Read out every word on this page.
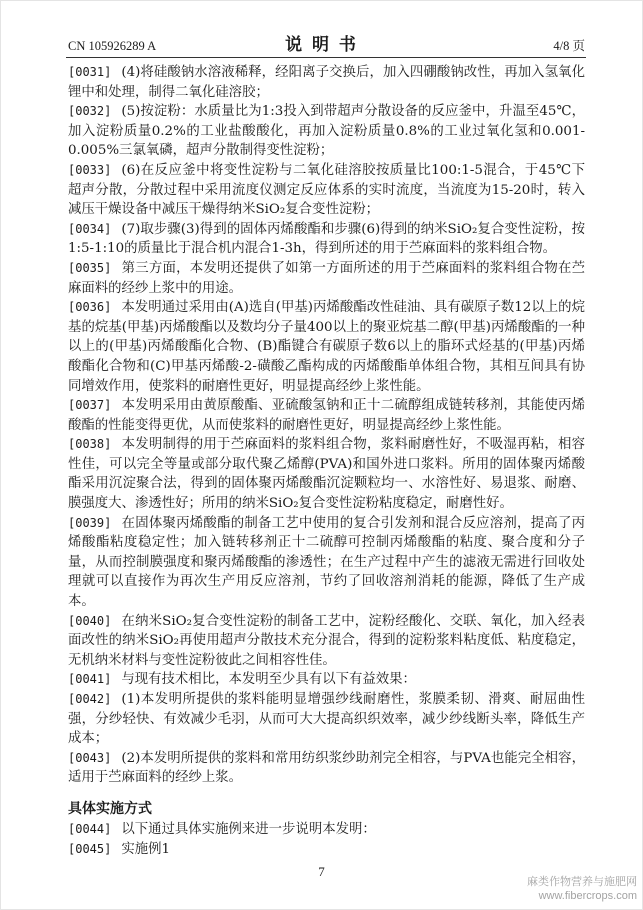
CN 105926289 A	说 明 书	4/8 页

[0031] (4)将硅酸钠水溶液稀释，经阳离子交换后，加入四硼酸钠改性，再加入氢氧化锂中和处理，制得二氧化硅溶胶；

[0032] (5)按淀粉：水质量比为1:3投入到带超声分散设备的反应釜中，升温至45℃，加入淀粉质量0.2%的工业盐酸酸化，再加入淀粉质量0.8%的工业过氧化氢和0.001-0.005%三氯氧磷，超声分散制得变性淀粉；

[0033] (6)在反应釜中将变性淀粉与二氧化硅溶胶按质量比100:1-5混合，于45℃下超声分散，分散过程中采用流度仪测定反应体系的实时流度，当流度为15-20时，转入减压干燥设备中减压干燥得纳米SiO₂复合变性淀粉；

[0034] (7)取步骤(3)得到的固体丙烯酸酯和步骤(6)得到的纳米SiO₂复合变性淀粉，按1:5-1:10的质量比于混合机内混合1-3h，得到所述的用于苎麻面料的浆料组合物。

[0035] 第三方面，本发明还提供了如第一方面所述的用于苎麻面料的浆料组合物在苎麻面料的经纱上浆中的用途。

[0036] 本发明通过采用由(A)选自(甲基)丙烯酸酯改性硅油、具有碳原子数12以上的烷基的烷基(甲基)丙烯酸酯以及数均分子量400以上的聚亚烷基二醇(甲基)丙烯酸酯的一种以上的(甲基)丙烯酸酯化合物、(B)酯键合有碳原子数6以上的脂环式烃基的(甲基)丙烯酸酯化合物和(C)甲基丙烯酸-2-磺酸乙酯构成的丙烯酸酯单体组合物，其相互间具有协同增效作用，使浆料的耐磨性更好，明显提高经纱上浆性能。

[0037] 本发明采用由黄原酸酯、亚硫酸氢钠和正十二硫醇组成链转移剂，其能使丙烯酸酯的性能变得更优，从而使浆料的耐磨性更好，明显提高经纱上浆性能。

[0038] 本发明制得的用于苎麻面料的浆料组合物，浆料耐磨性好，不吸湿再粘，相容性佳，可以完全等量或部分取代聚乙烯醇(PVA)和国外进口浆料。所用的固体聚丙烯酸酯采用沉淀聚合法，得到的固体聚丙烯酸酯沉淀颗粒均一、水溶性好、易退浆、耐磨、膜强度大、渗透性好；所用的纳米SiO₂复合变性淀粉粘度稳定，耐磨性好。

[0039] 在固体聚丙烯酸酯的制备工艺中使用的复合引发剂和混合反应溶剂，提高了丙烯酸酯粘度稳定性；加入链转移剂正十二硫醇可控制丙烯酸酯的粘度、聚合度和分子量，从而控制膜强度和聚丙烯酸酯的渗透性；在生产过程中产生的滤液无需进行回收处理就可以直接作为再次生产用反应溶剂，节约了回收溶剂消耗的能源，降低了生产成本。

[0040] 在纳米SiO₂复合变性淀粉的制备工艺中，淀粉经酸化、交联、氧化，加入经表面改性的纳米SiO₂再使用超声分散技术充分混合，得到的淀粉浆料粘度低、粘度稳定，无机纳米材料与变性淀粉彼此之间相容性佳。

[0041] 与现有技术相比，本发明至少具有以下有益效果：

[0042] (1)本发明所提供的浆料能明显增强纱线耐磨性，浆膜柔韧、滑爽、耐屈曲性强，分纱轻快、有效减少毛羽，从而可大大提高织织效率，减少纱线断头率，降低生产成本；

[0043] (2)本发明所提供的浆料和常用纺织浆纱助剂完全相容，与PVA也能完全相容，适用于苎麻面料的经纱上浆。

具体实施方式

[0044] 以下通过具体实施例来进一步说明本发明：

[0045] 实施例1

7
麻类作物营养与施肥网
www.fibercrops.com
